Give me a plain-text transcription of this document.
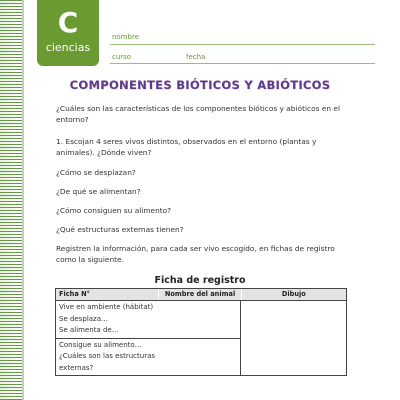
C
ciencias
4º básico
nombre
curso	fecha
COMPONENTES BIÓTICOS Y ABIÓTICOS
¿Cuáles son las características de los componentes bióticos y abióticos en el entorno?
1. Escojan 4 seres vivos distintos, observados en el entorno (plantas y animales). ¿Dónde viven?
¿Cómo se desplazan?
¿De qué se alimentan?
¿Cómo consiguen su alimento?
¿Qué estructuras externas tienen?
Registren la información, para cada ser vivo escogido, en fichas de registro como la siguiente.
Ficha de registro
Ficha N°	Nombre del animal	Dibujo
Vive en ambiente (hábitat)
Se desplaza…
Se alimenta de…
Consigue su alimento…
¿Cuáles son las estructuras
externas?
